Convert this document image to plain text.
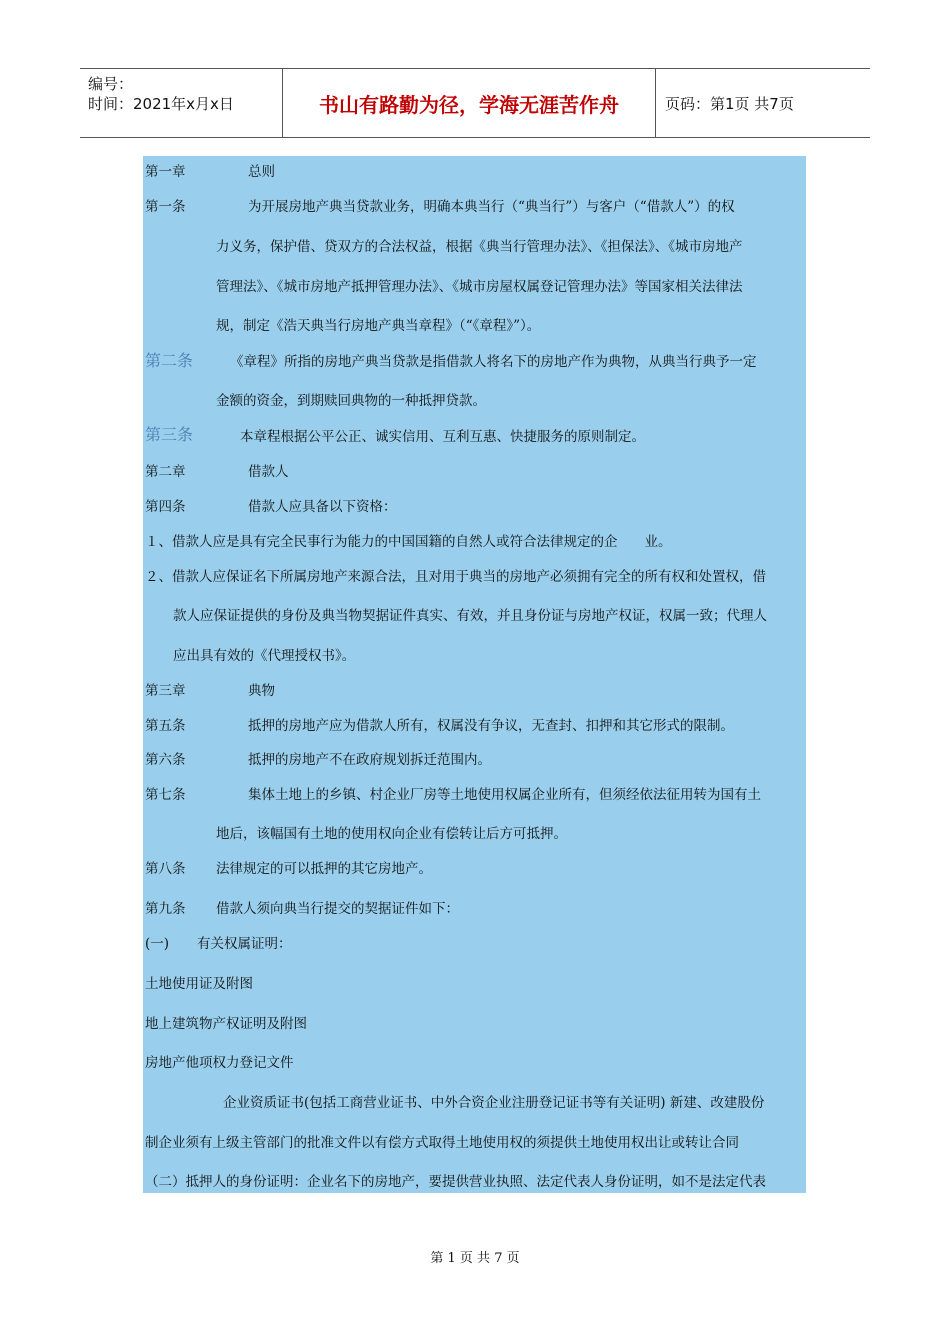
编号：
时间：2021年x月x日	书山有路勤为径，学海无涯苦作舟	页码：第1页 共7页
第一章	总则
第一条	为开展房地产典当贷款业务，明确本典当行（“典当行”）与客户（“借款人”）的权
力义务，保护借、贷双方的合法权益，根据《典当行管理办法》、《担保法》、《城市房地产
管理法》、《城市房地产抵押管理办法》、《城市房屋权属登记管理办法》等国家相关法律法
规，制定《浩天典当行房地产典当章程》（“《章程》”）。
第二条	《章程》所指的房地产典当贷款是指借款人将名下的房地产作为典物，从典当行典予一定
金额的资金，到期赎回典物的一种抵押贷款。
第三条	本章程根据公平公正、诚实信用、互利互惠、快捷服务的原则制定。
第二章	借款人
第四条	借款人应具备以下资格：
１、借款人应是具有完全民事行为能力的中国国籍的自然人或符合法律规定的企　　业。
２、借款人应保证名下所属房地产来源合法，且对用于典当的房地产必须拥有完全的所有权和处置权，借
款人应保证提供的身份及典当物契据证件真实、有效，并且身份证与房地产权证，权属一致；代理人
应出具有效的《代理授权书》。
第三章	典物
第五条	抵押的房地产应为借款人所有，权属没有争议，无查封、扣押和其它形式的限制。
第六条	抵押的房地产不在政府规划拆迁范围内。
第七条	集体土地上的乡镇、村企业厂房等土地使用权属企业所有，但须经依法征用转为国有土
地后，该幅国有土地的使用权向企业有偿转让后方可抵押。
第八条 法律规定的可以抵押的其它房地产。
第九条 借款人须向典当行提交的契据证件如下：
(一) 有关权属证明：
土地使用证及附图
地上建筑物产权证明及附图
房地产他项权力登记文件
企业资质证书(包括工商营业证书、中外合资企业注册登记证书等有关证明) 新建、改建股份
制企业须有上级主管部门的批准文件以有偿方式取得土地使用权的须提供土地使用权出让或转让合同
（二）抵押人的身份证明：企业名下的房地产，要提供营业执照、法定代表人身份证明，如不是法定代表
第 1 页 共 7 页
